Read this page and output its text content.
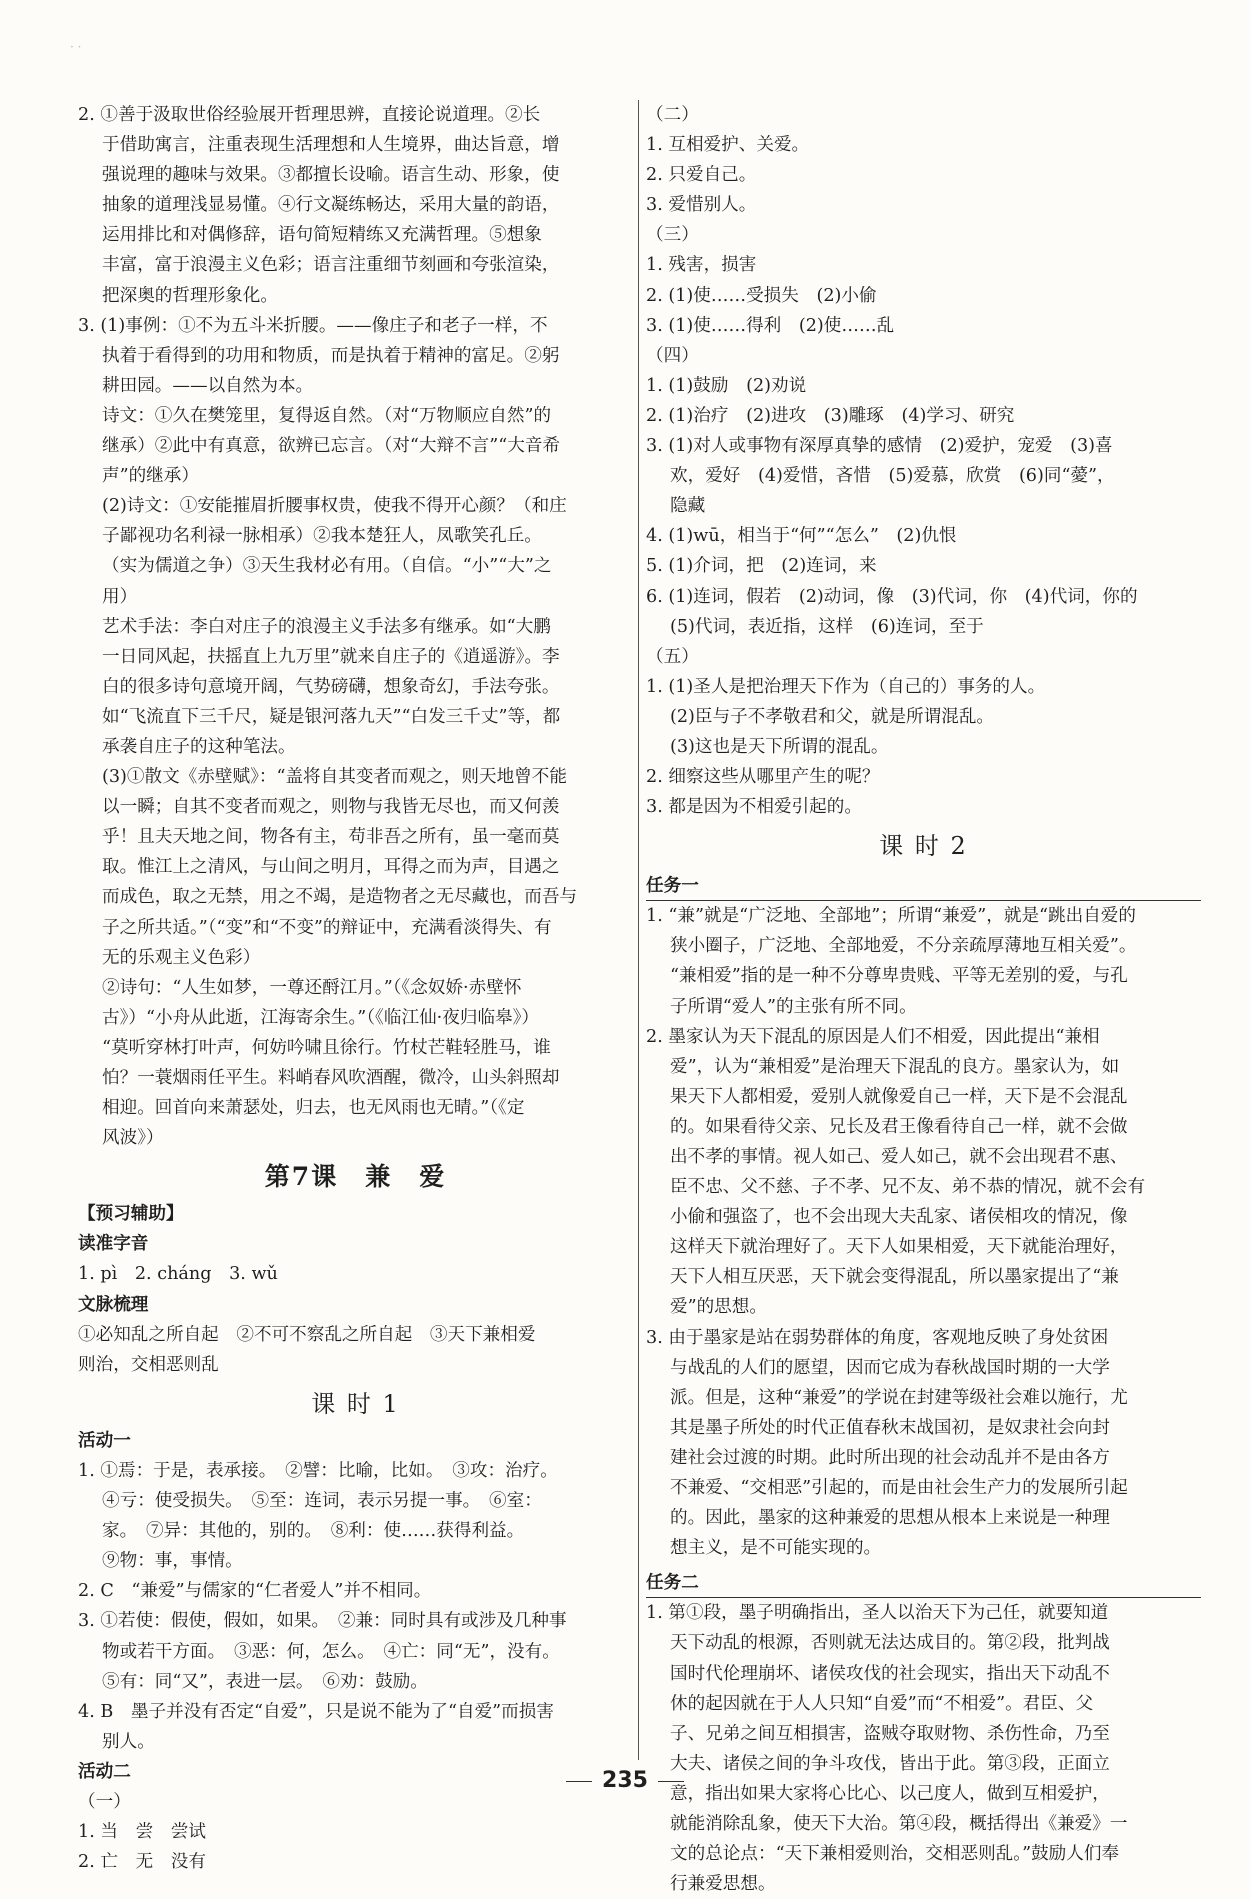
· ·
2. ①善于汲取世俗经验展开哲理思辨，直接论说道理。②长
于借助寓言，注重表现生活理想和人生境界，曲达旨意，增
强说理的趣味与效果。③都擅长设喻。语言生动、形象，使
抽象的道理浅显易懂。④行文凝练畅达，采用大量的韵语，
运用排比和对偶修辞，语句简短精练又充满哲理。⑤想象
丰富，富于浪漫主义色彩；语言注重细节刻画和夸张渲染，
把深奥的哲理形象化。
3. (1)事例：①不为五斗米折腰。——像庄子和老子一样，不
执着于看得到的功用和物质，而是执着于精神的富足。②躬
耕田园。——以自然为本。
诗文：①久在樊笼里，复得返自然。（对“万物顺应自然”的
继承）②此中有真意，欲辨已忘言。（对“大辩不言”“大音希
声”的继承）
(2)诗文：①安能摧眉折腰事权贵，使我不得开心颜？（和庄
子鄙视功名利禄一脉相承）②我本楚狂人，凤歌笑孔丘。
（实为儒道之争）③天生我材必有用。（自信。“小”“大”之
用）
艺术手法：李白对庄子的浪漫主义手法多有继承。如“大鹏
一日同风起，扶摇直上九万里”就来自庄子的《逍遥游》。李
白的很多诗句意境开阔，气势磅礴，想象奇幻，手法夸张。
如“飞流直下三千尺，疑是银河落九天”“白发三千丈”等，都
承袭自庄子的这种笔法。
(3)①散文《赤壁赋》：“盖将自其变者而观之，则天地曾不能
以一瞬；自其不变者而观之，则物与我皆无尽也，而又何羡
乎！且夫天地之间，物各有主，苟非吾之所有，虽一毫而莫
取。惟江上之清风，与山间之明月，耳得之而为声，目遇之
而成色，取之无禁，用之不竭，是造物者之无尽藏也，而吾与
子之所共适。”（“变”和“不变”的辩证中，充满看淡得失、有
无的乐观主义色彩）
②诗句：“人生如梦，一尊还酹江月。”（《念奴娇·赤壁怀
古》）“小舟从此逝，江海寄余生。”（《临江仙·夜归临皋》）
“莫听穿林打叶声，何妨吟啸且徐行。竹杖芒鞋轻胜马，谁
怕？一蓑烟雨任平生。料峭春风吹酒醒，微冷，山头斜照却
相迎。回首向来萧瑟处，归去，也无风雨也无晴。”（《定
风波》）
第7课　兼　爱
【预习辅助】
读准字音
1. pì　2. cháng　3. wǔ
文脉梳理
①必知乱之所自起　②不可不察乱之所自起　③天下兼相爱
则治，交相恶则乱
课 时 1
活动一
1. ①焉：于是，表承接。　②譬：比喻，比如。　③攻：治疗。
④亏：使受损失。　⑤至：连词，表示另提一事。　⑥室：
家。　⑦异：其他的，别的。　⑧利：使……获得利益。
⑨物：事，事情。
2. C　“兼爱”与儒家的“仁者爱人”并不相同。
3. ①若使：假使，假如，如果。　②兼：同时具有或涉及几种事
物或若干方面。　③恶：何，怎么。　④亡：同“无”，没有。
⑤有：同“又”，表进一层。　⑥劝：鼓励。
4. B　墨子并没有否定“自爱”，只是说不能为了“自爱”而损害
别人。
活动二
（一）
1. 当　尝　尝试
2. 亡　无　没有
（二）
1. 互相爱护、关爱。
2. 只爱自己。
3. 爱惜别人。
（三）
1. 残害，损害
2. (1)使……受损失　(2)小偷
3. (1)使……得利　(2)使……乱
（四）
1. (1)鼓励　(2)劝说
2. (1)治疗　(2)进攻　(3)雕琢　(4)学习、研究
3. (1)对人或事物有深厚真挚的感情　(2)爱护，宠爱　(3)喜
欢，爱好　(4)爱惜，吝惜　(5)爱慕，欣赏　(6)同“薆”，
隐藏
4. (1)wū，相当于“何”“怎么”　(2)仇恨
5. (1)介词，把　(2)连词，来
6. (1)连词，假若　(2)动词，像　(3)代词，你　(4)代词，你的
(5)代词，表近指，这样　(6)连词，至于
（五）
1. (1)圣人是把治理天下作为（自己的）事务的人。
(2)臣与子不孝敬君和父，就是所谓混乱。
(3)这也是天下所谓的混乱。
2. 细察这些从哪里产生的呢？
3. 都是因为不相爱引起的。
课 时 2
任务一
1. “兼”就是“广泛地、全部地”；所谓“兼爱”，就是“跳出自爱的
狭小圈子，广泛地、全部地爱，不分亲疏厚薄地互相关爱”。
“兼相爱”指的是一种不分尊卑贵贱、平等无差别的爱，与孔
子所谓“爱人”的主张有所不同。
2. 墨家认为天下混乱的原因是人们不相爱，因此提出“兼相
爱”，认为“兼相爱”是治理天下混乱的良方。墨家认为，如
果天下人都相爱，爱别人就像爱自己一样，天下是不会混乱
的。如果看待父亲、兄长及君王像看待自己一样，就不会做
出不孝的事情。视人如己、爱人如己，就不会出现君不惠、
臣不忠、父不慈、子不孝、兄不友、弟不恭的情况，就不会有
小偷和强盗了，也不会出现大夫乱家、诸侯相攻的情况，像
这样天下就治理好了。天下人如果相爱，天下就能治理好，
天下人相互厌恶，天下就会变得混乱，所以墨家提出了“兼
爱”的思想。
3. 由于墨家是站在弱势群体的角度，客观地反映了身处贫困
与战乱的人们的愿望，因而它成为春秋战国时期的一大学
派。但是，这种“兼爱”的学说在封建等级社会难以施行，尤
其是墨子所处的时代正值春秋末战国初，是奴隶社会向封
建社会过渡的时期。此时所出现的社会动乱并不是由各方
不兼爱、“交相恶”引起的，而是由社会生产力的发展所引起
的。因此，墨家的这种兼爱的思想从根本上来说是一种理
想主义，是不可能实现的。
任务二
1. 第①段，墨子明确指出，圣人以治天下为己任，就要知道
天下动乱的根源，否则就无法达成目的。第②段，批判战
国时代伦理崩坏、诸侯攻伐的社会现实，指出天下动乱不
休的起因就在于人人只知“自爱”而“不相爱”。君臣、父
子、兄弟之间互相損害，盗贼夺取财物、杀伤性命，乃至
大夫、诸侯之间的争斗攻伐，皆出于此。第③段，正面立
意，指出如果大家将心比心、以己度人，做到互相爱护，
就能消除乱象，使天下大治。第④段，概括得出《兼爱》一
文的总论点：“天下兼相爱则治，交相恶则乱。”鼓励人们奉
行兼爱思想。
235
